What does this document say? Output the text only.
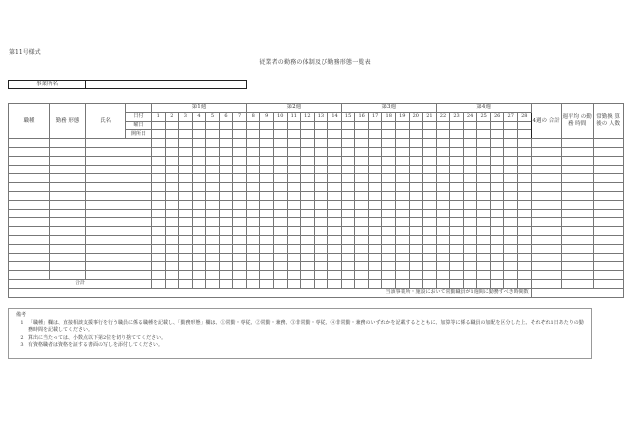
第11号様式
従業者の勤務の体制及び勤務形態一覧表
事業所名
職種	勤務 形態	氏名		第1週							第2週							第3週							第4週							4週の 合計	週平均 の勤務 時間	常勤換 算後の 人数
			日付	1	2	3	4	5	6	7	8	9	10	11	12	13	14	15	16	17	18	19	20	21	22	23	24	25	26	27	28			
			曜日																															
			開所日																															

合計																																		
当該事業所・施設において常勤職員が1週間に勤務すべき時間数																																		
備考
1 「職種」欄は、直接相談支援事行を行う職員に係る職種を記載し、「勤務形態」欄は、①常勤・専従、②常勤・兼務、③非常勤・専従、④非常勤・兼務のいずれかを記載するとともに、加算等に係る職員の加配を区分した上、それぞれ1日あたりの勤務時間を記載してください。
2 算出に当たっては、小数点以下第2位を切り捨ててください。
3 有資格職者は資格を証する書面の写しを添付してください。
